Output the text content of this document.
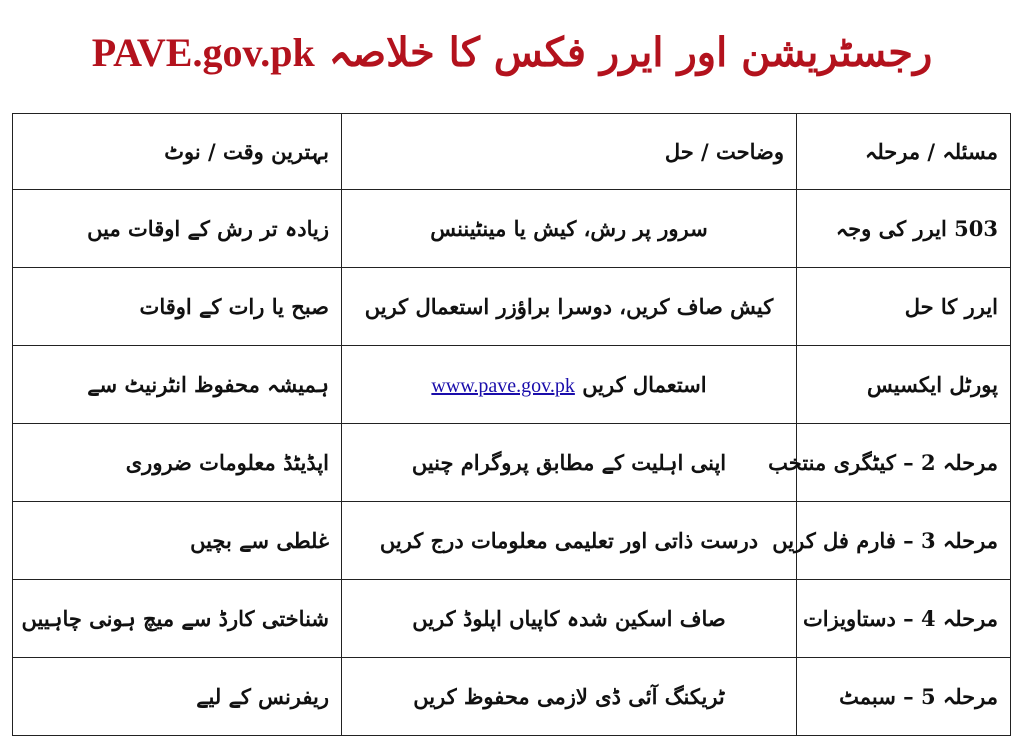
رجسٹریشن اور ایرر فکس کا خلاصہ PAVE.gov.pk
مسئلہ / مرحلہ	وضاحت / حل	بہترین وقت / نوٹ
503 ایرر کی وجہ	سرور پر رش، کیش یا مینٹیننس	زیادہ تر رش کے اوقات میں
ایرر کا حل	کیش صاف کریں، دوسرا براؤزر استعمال کریں	صبح یا رات کے اوقات
پورٹل ایکسیس	استعمال کریں www.pave.gov.pk	ہمیشہ محفوظ انٹرنیٹ سے
مرحلہ 2 – کیٹگری منتخب	اپنی اہلیت کے مطابق پروگرام چنیں	اپڈیٹڈ معلومات ضروری
مرحلہ 3 – فارم فل کریں	درست ذاتی اور تعلیمی معلومات درج کریں	غلطی سے بچیں
مرحلہ 4 – دستاویزات	صاف اسکین شدہ کاپیاں اپلوڈ کریں	شناختی کارڈ سے میچ ہونی چاہییں
مرحلہ 5 – سبمٹ	ٹریکنگ آئی ڈی لازمی محفوظ کریں	ریفرنس کے لیے
